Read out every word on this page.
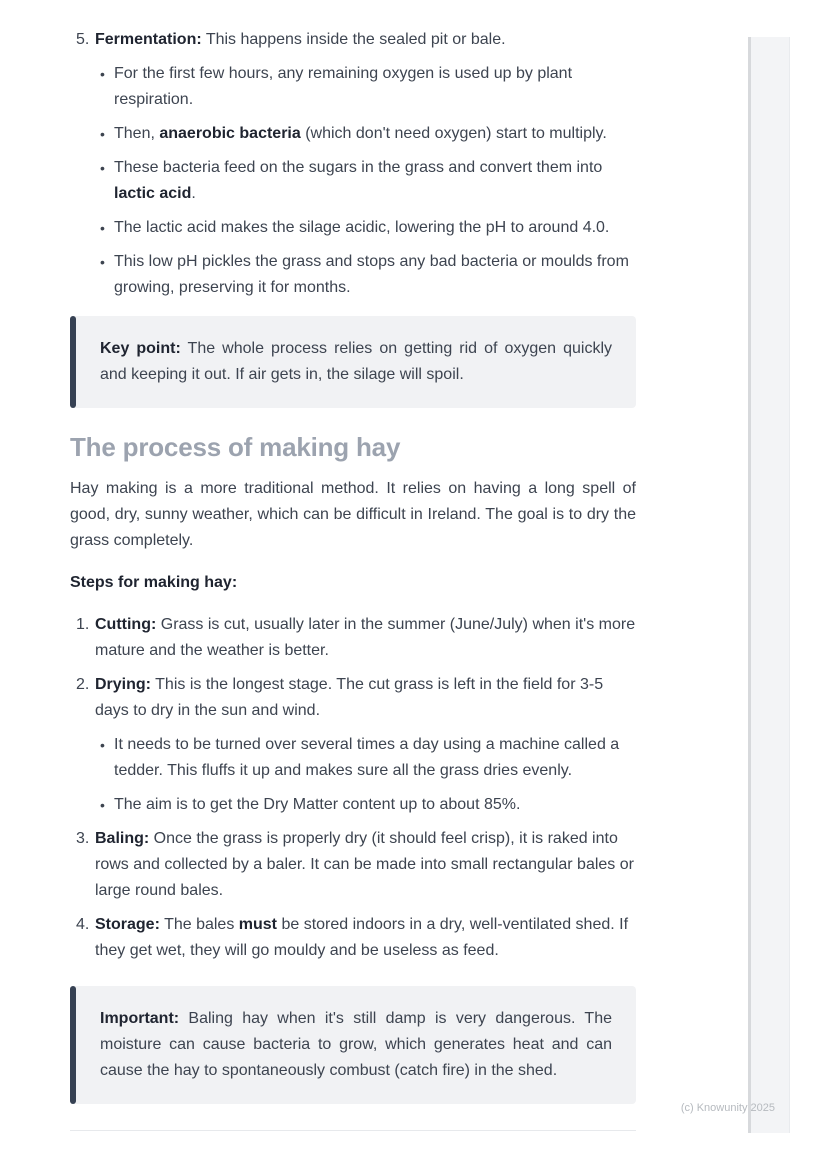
5. Fermentation: This happens inside the sealed pit or bale.
• For the first few hours, any remaining oxygen is used up by plant respiration.
• Then, anaerobic bacteria (which don't need oxygen) start to multiply.
• These bacteria feed on the sugars in the grass and convert them into lactic acid.
• The lactic acid makes the silage acidic, lowering the pH to around 4.0.
• This low pH pickles the grass and stops any bad bacteria or moulds from growing, preserving it for months.
Key point: The whole process relies on getting rid of oxygen quickly and keeping it out. If air gets in, the silage will spoil.
The process of making hay

Hay making is a more traditional method. It relies on having a long spell of good, dry, sunny weather, which can be difficult in Ireland. The goal is to dry the grass completely.

Steps for making hay:

1. Cutting: Grass is cut, usually later in the summer (June/July) when it's more mature and the weather is better.
2. Drying: This is the longest stage. The cut grass is left in the field for 3-5 days to dry in the sun and wind.
• It needs to be turned over several times a day using a machine called a tedder. This fluffs it up and makes sure all the grass dries evenly.
• The aim is to get the Dry Matter content up to about 85%.
3. Baling: Once the grass is properly dry (it should feel crisp), it is raked into rows and collected by a baler. It can be made into small rectangular bales or large round bales.
4. Storage: The bales must be stored indoors in a dry, well-ventilated shed. If they get wet, they will go mouldy and be useless as feed.
Important: Baling hay when it's still damp is very dangerous. The moisture can cause bacteria to grow, which generates heat and can cause the hay to spontaneously combust (catch fire) in the shed.
(c) Knowunity 2025
